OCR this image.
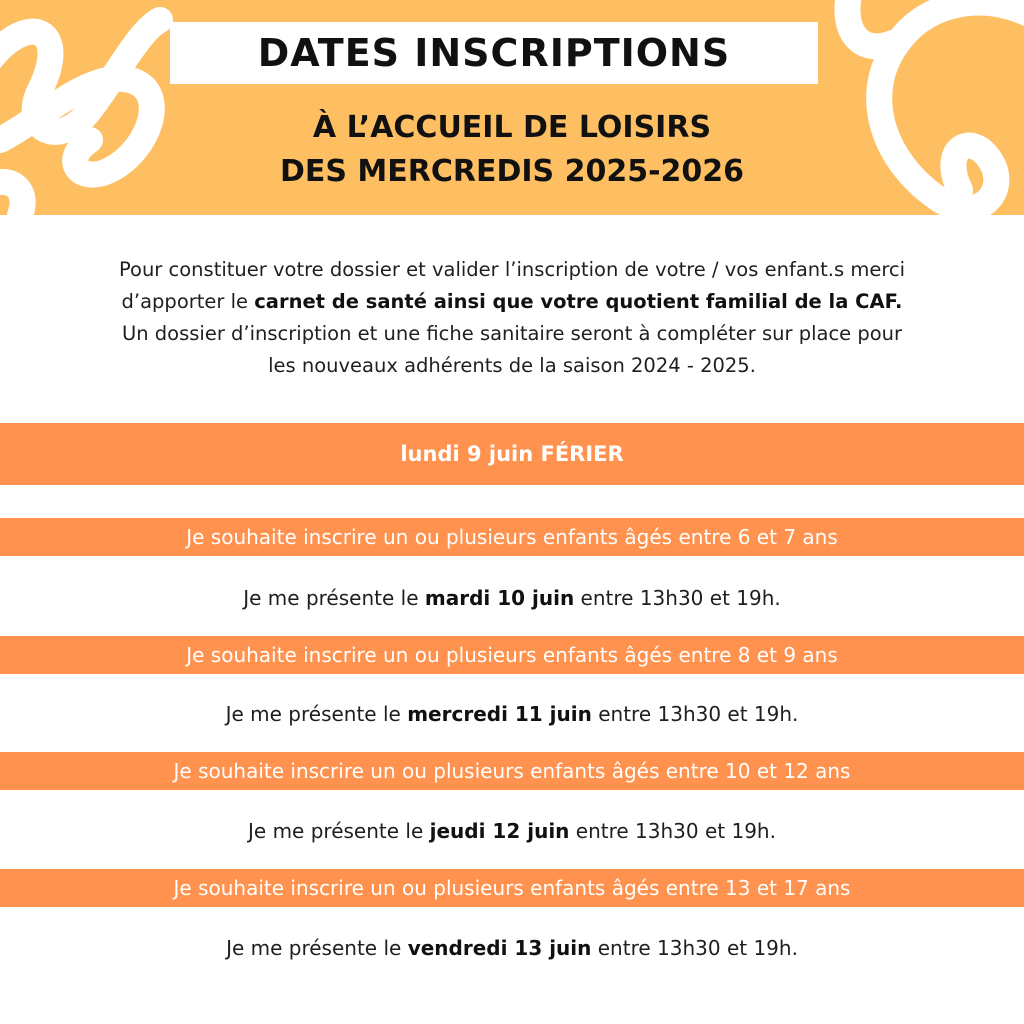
DATES INSCRIPTIONS
À L’ACCUEIL DE LOISIRS
DES MERCREDIS 2025-2026

Pour constituer votre dossier et valider l’inscription de votre / vos enfant.s merci

d’apporter le carnet de santé ainsi que votre quotient familial de la CAF.

Un dossier d’inscription et une fiche sanitaire seront à compléter sur place pour

les nouveaux adhérents de la saison 2024 - 2025.

lundi 9 juin FÉRIER
Je souhaite inscrire un ou plusieurs enfants âgés entre 6 et 7 ans
Je me présente le mardi 10 juin entre 13h30 et 19h.
Je souhaite inscrire un ou plusieurs enfants âgés entre 8 et 9 ans
Je me présente le mercredi 11 juin entre 13h30 et 19h.
Je souhaite inscrire un ou plusieurs enfants âgés entre 10 et 12 ans
Je me présente le jeudi 12 juin entre 13h30 et 19h.
Je souhaite inscrire un ou plusieurs enfants âgés entre 13 et 17 ans
Je me présente le vendredi 13 juin entre 13h30 et 19h.
